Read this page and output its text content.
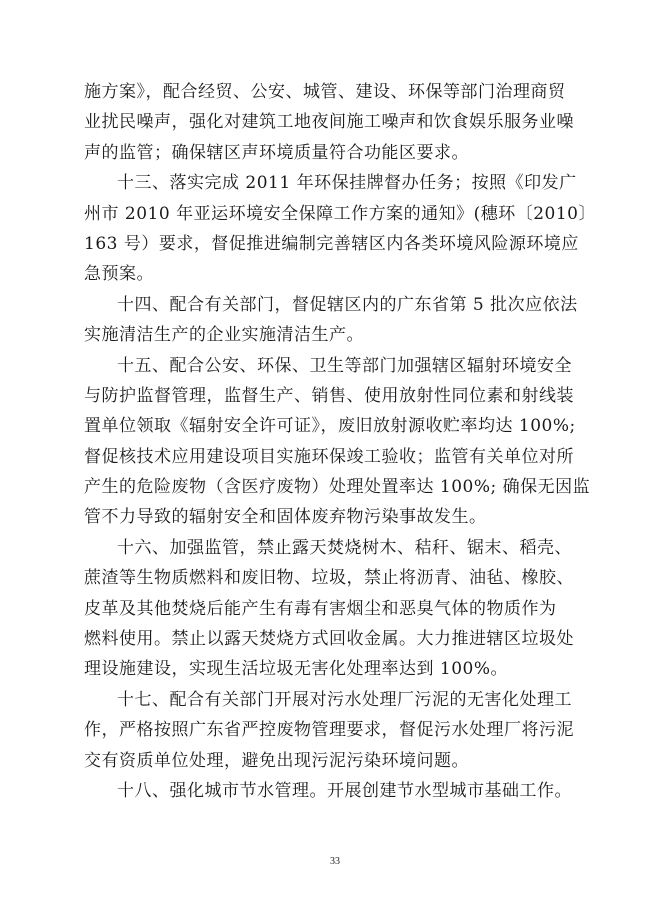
施方案》，配合经贸、公安、城管、建设、环保等部门治理商贸
业扰民噪声，强化对建筑工地夜间施工噪声和饮食娱乐服务业噪
声的监管；确保辖区声环境质量符合功能区要求。
十三、落实完成 2011 年环保挂牌督办任务；按照《印发广
州市 2010 年亚运环境安全保障工作方案的通知》(穗环〔2010〕
163 号）要求，督促推进编制完善辖区内各类环境风险源环境应
急预案。
十四、配合有关部门，督促辖区内的广东省第 5 批次应依法
实施清洁生产的企业实施清洁生产。
十五、配合公安、环保、卫生等部门加强辖区辐射环境安全
与防护监督管理，监督生产、销售、使用放射性同位素和射线装
置单位领取《辐射安全许可证》，废旧放射源收贮率均达 100%;
督促核技术应用建设项目实施环保竣工验收；监管有关单位对所
产生的危险废物（含医疗废物）处理处置率达 100%; 确保无因监
管不力导致的辐射安全和固体废弃物污染事故发生。
十六、加强监管，禁止露天焚烧树木、秸秆、锯末、稻壳、
蔗渣等生物质燃料和废旧物、垃圾，禁止将沥青、油毡、橡胶、
皮革及其他焚烧后能产生有毒有害烟尘和恶臭气体的物质作为
燃料使用。禁止以露天焚烧方式回收金属。大力推进辖区垃圾处
理设施建设，实现生活垃圾无害化处理率达到 100%。
十七、配合有关部门开展对污水处理厂污泥的无害化处理工
作，严格按照广东省严控废物管理要求，督促污水处理厂将污泥
交有资质单位处理，避免出现污泥污染环境问题。
十八、强化城市节水管理。开展创建节水型城市基础工作。
33
